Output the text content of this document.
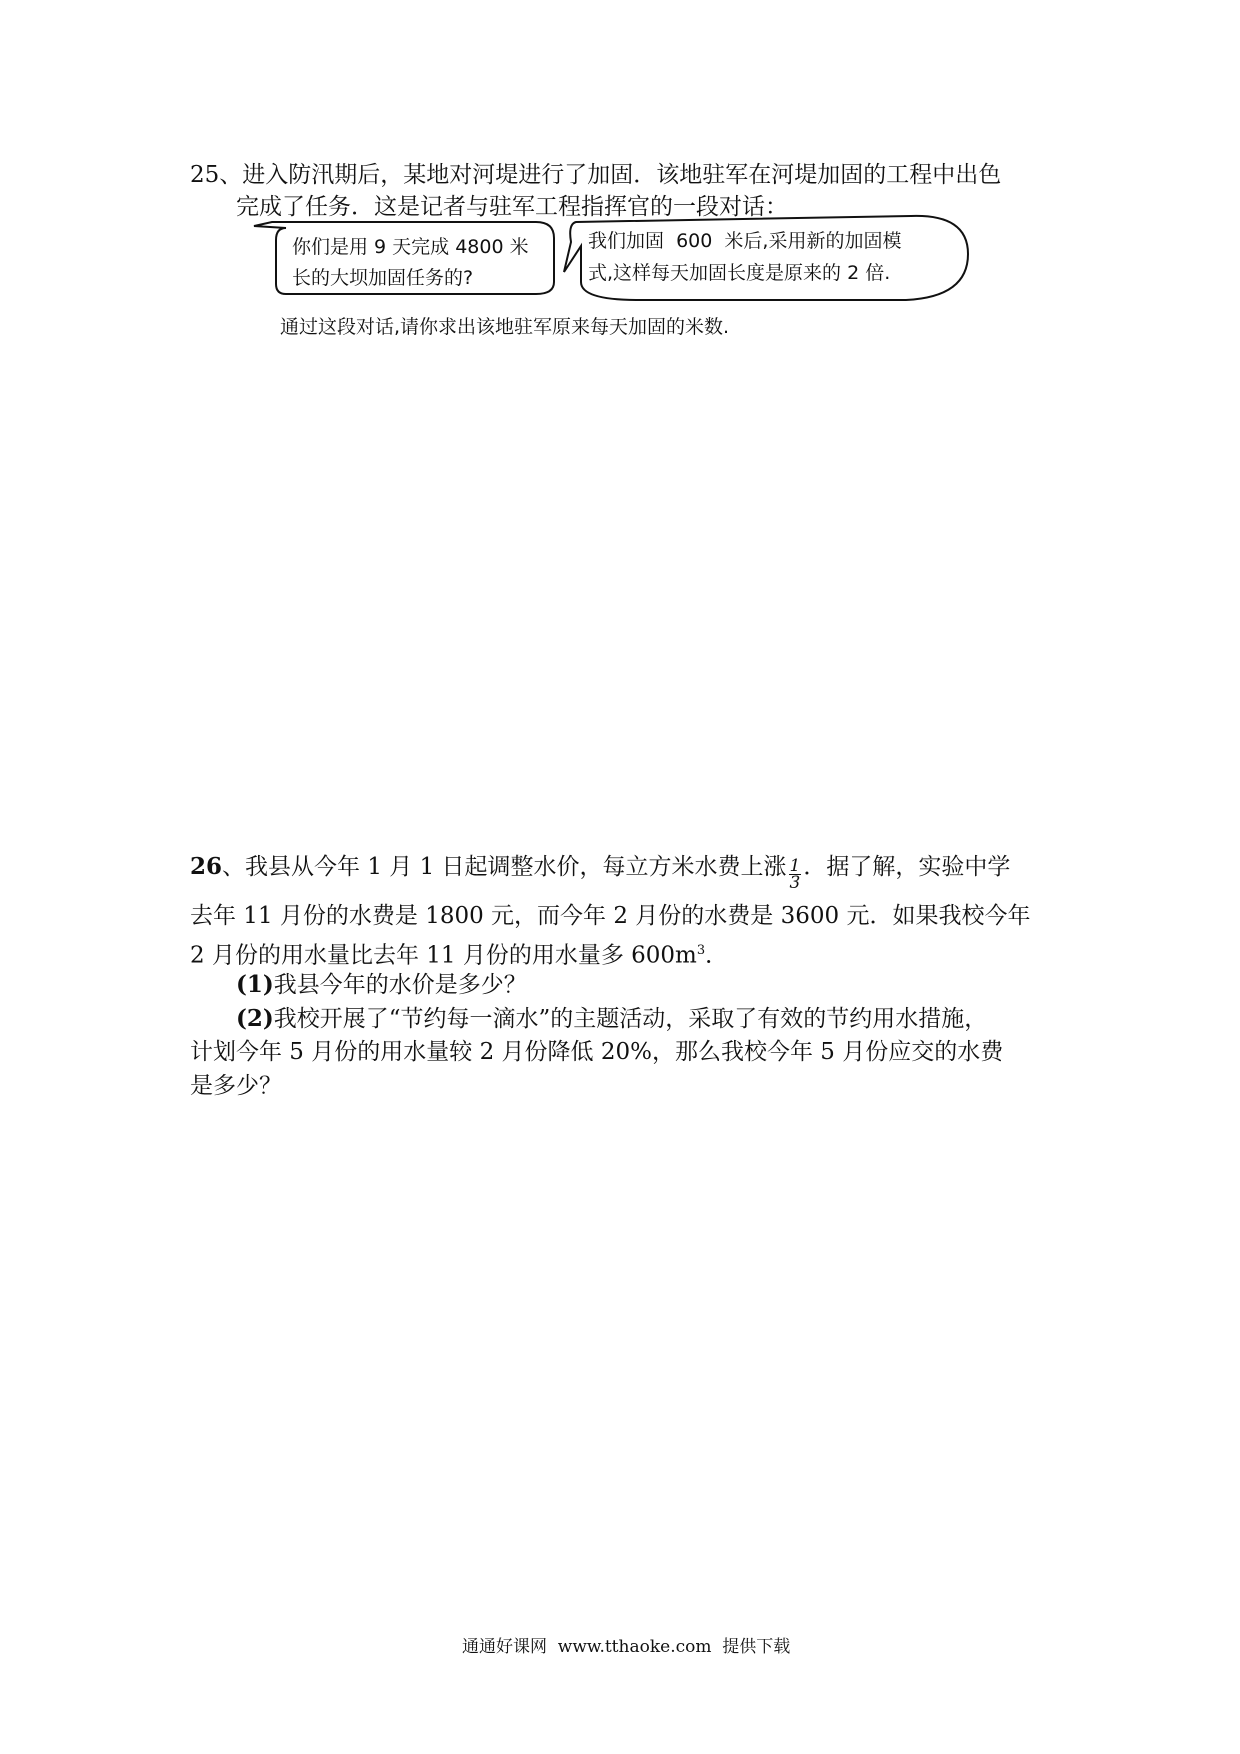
25、进入防汛期后，某地对河堤进行了加固．该地驻军在河堤加固的工程中出色
完成了任务．这是记者与驻军工程指挥官的一段对话：
你们是用 9 天完成 4800 米
长的大坝加固任务的?
我们加固  600  米后,采用新的加固模
式,这样每天加固长度是原来的 2 倍.
通过这段对话,请你求出该地驻军原来每天加固的米数.
26、我县从今年 1 月 1 日起调整水价，每立方米水费上涨 $\frac{1}{3}$ ．据了解，实验中学
去年 11 月份的水费是 1800 元，而今年 2 月份的水费是 3600 元．如果我校今年
2 月份的用水量比去年 11 月份的用水量多 $600m^3$．
(1)我县今年的水价是多少？
(2)我校开展了“节约每一滴水”的主题活动，采取了有效的节约用水措施，
计划今年 5 月份的用水量较 2 月份降低 20%，那么我校今年 5 月份应交的水费
是多少？
通通好课网  www.tthaoke.com  提供下载
